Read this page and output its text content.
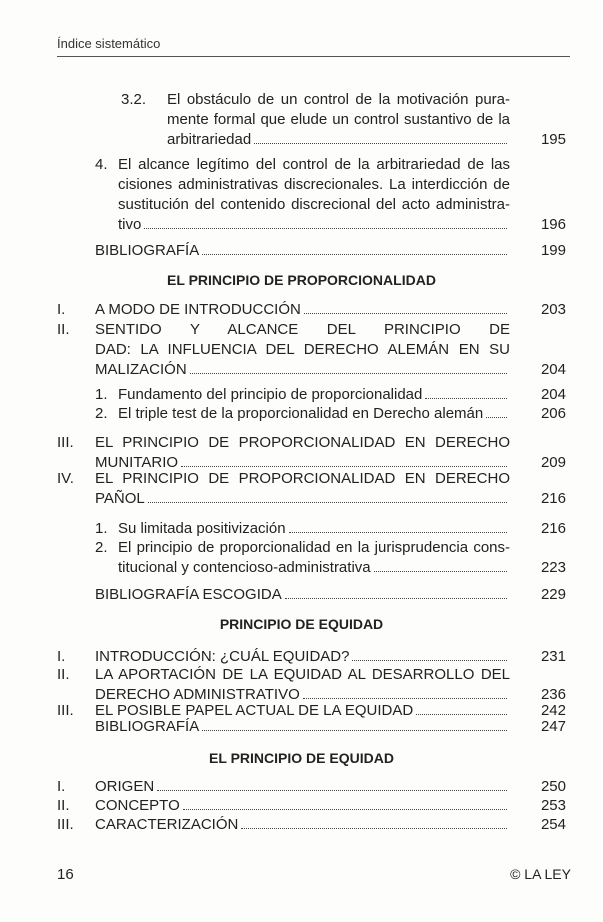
Índice sistemático
EL PRINCIPIO DE PROPORCIONALIDAD
PRINCIPIO DE EQUIDAD
EL PRINCIPIO DE EQUIDAD
3.2. El obstáculo de un control de la motivación pura-
mente formal que elude un control sustantivo de la
arbitrariedad	195
4. El alcance legítimo del control de la arbitrariedad de las
cisiones administrativas discrecionales. La interdicción de
sustitución del contenido discrecional del acto administra-
tivo	196
BIBLIOGRAFÍA	199
I. A MODO DE INTRODUCCIÓN	203
II. SENTIDO Y ALCANCE DEL PRINCIPIO DE
DAD: LA INFLUENCIA DEL DERECHO ALEMÁN EN SU
MALIZACIÓN	204
1. Fundamento del principio de proporcionalidad	204
2. El triple test de la proporcionalidad en Derecho alemán	206
III. EL PRINCIPIO DE PROPORCIONALIDAD EN DERECHO
MUNITARIO	209
IV. EL PRINCIPIO DE PROPORCIONALIDAD EN DERECHO
PAÑOL	216
1. Su limitada positivización	216
2. El principio de proporcionalidad en la jurisprudencia cons-
titucional y contencioso-administrativa	223
BIBLIOGRAFÍA ESCOGIDA	229
I. INTRODUCCIÓN: ¿CUÁL EQUIDAD?	231
II. LA APORTACIÓN DE LA EQUIDAD AL DESARROLLO DEL
DERECHO ADMINISTRATIVO	236
III. EL POSIBLE PAPEL ACTUAL DE LA EQUIDAD	242
BIBLIOGRAFÍA	247
I. ORIGEN	250
II. CONCEPTO	253
III. CARACTERIZACIÓN	254
16	© LA LEY
